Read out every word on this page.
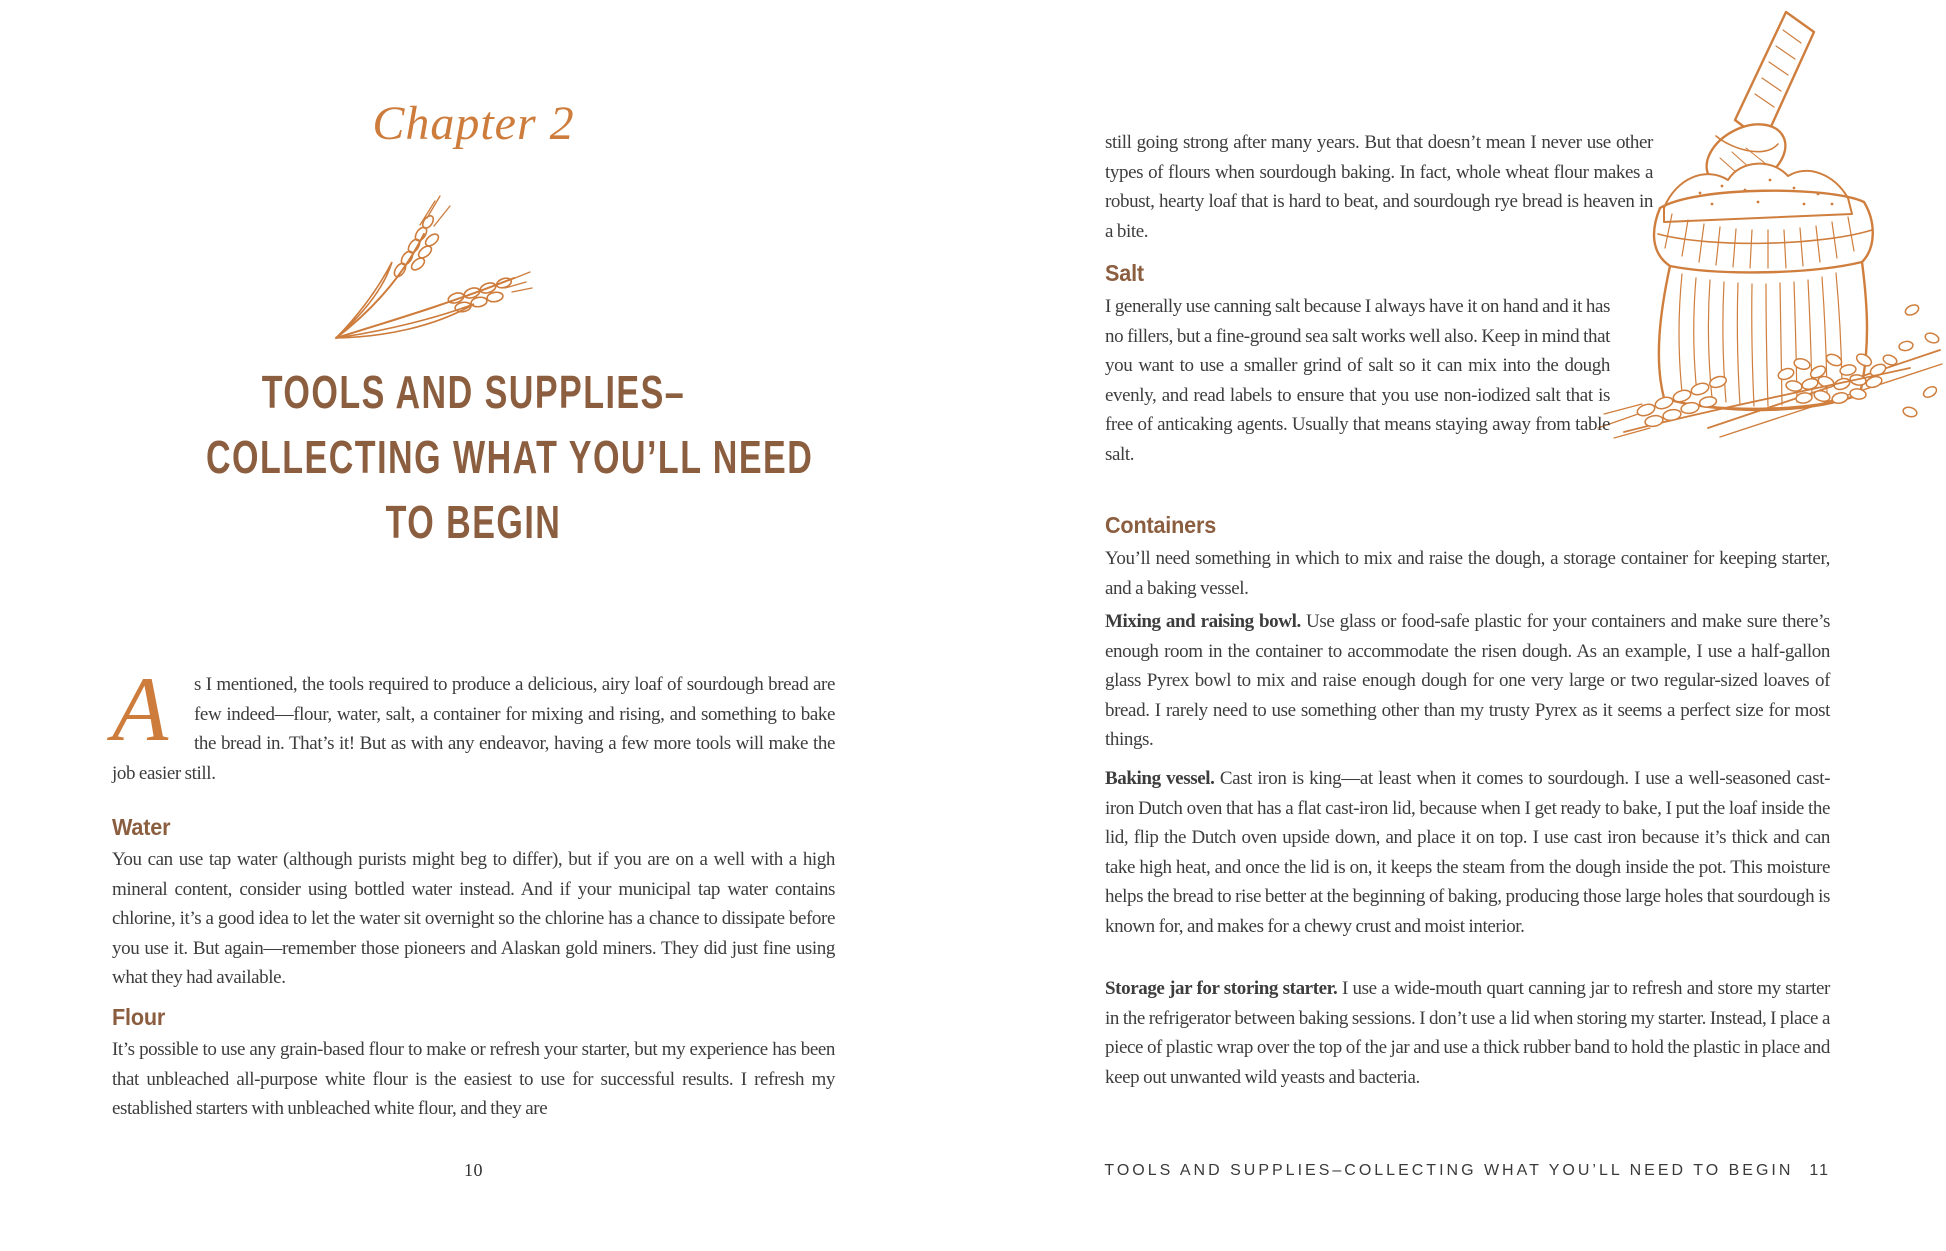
Chapter 2
TOOLS AND SUPPLIES–
COLLECTING WHAT YOU’LL NEED
TO BEGIN
A	s I mentioned, the tools required to produce a delicious, airy loaf of sourdough bread are few indeed—flour, water, salt, a container for mixing and rising, and something to bake the bread in. That’s it! But as with any endeavor, having a few more tools will make the job easier still.
Water
You can use tap water (although purists might beg to differ), but if you are on a well with a high mineral content, consider using bottled water instead. And if your municipal tap water contains chlorine, it’s a good idea to let the water sit overnight so the chlorine has a chance to dissipate before you use it. But again—remember those pioneers and Alaskan gold miners. They did just fine using what they had available.
Flour
It’s possible to use any grain-based flour to make or refresh your starter, but my experience has been that unbleached all-purpose white flour is the easiest to use for successful results. I refresh my established starters with unbleached white flour, and they are
10
still going strong after many years. But that doesn’t mean I never use other types of flours when sourdough baking. In fact, whole wheat flour makes a robust, hearty loaf that is hard to beat, and sourdough rye bread is heaven in a bite.
Salt
I generally use canning salt because I always have it on hand and it has no fillers, but a fine-ground sea salt works well also. Keep in mind that you want to use a smaller grind of salt so it can mix into the dough evenly, and read labels to ensure that you use non-iodized salt that is free of anticaking agents. Usually that means staying away from table salt.
Containers
You’ll need something in which to mix and raise the dough, a storage container for keeping starter, and a baking vessel.
Mixing and raising bowl. Use glass or food-safe plastic for your containers and make sure there’s enough room in the container to accommodate the risen dough. As an example, I use a half-gallon glass Pyrex bowl to mix and raise enough dough for one very large or two regular-sized loaves of bread. I rarely need to use something other than my trusty Pyrex as it seems a perfect size for most things.
Baking vessel. Cast iron is king—at least when it comes to sourdough. I use a well-seasoned cast-iron Dutch oven that has a flat cast-iron lid, because when I get ready to bake, I put the loaf inside the lid, flip the Dutch oven upside down, and place it on top. I use cast iron because it’s thick and can take high heat, and once the lid is on, it keeps the steam from the dough inside the pot. This moisture helps the bread to rise better at the beginning of baking, producing those large holes that sourdough is known for, and makes for a chewy crust and moist interior.
Storage jar for storing starter. I use a wide-mouth quart canning jar to refresh and store my starter in the refrigerator between baking sessions. I don’t use a lid when storing my starter. Instead, I place a piece of plastic wrap over the top of the jar and use a thick rubber band to hold the plastic in place and keep out unwanted wild yeasts and bacteria.
TOOLS AND SUPPLIES–COLLECTING WHAT YOU’LL NEED TO BEGIN 11
